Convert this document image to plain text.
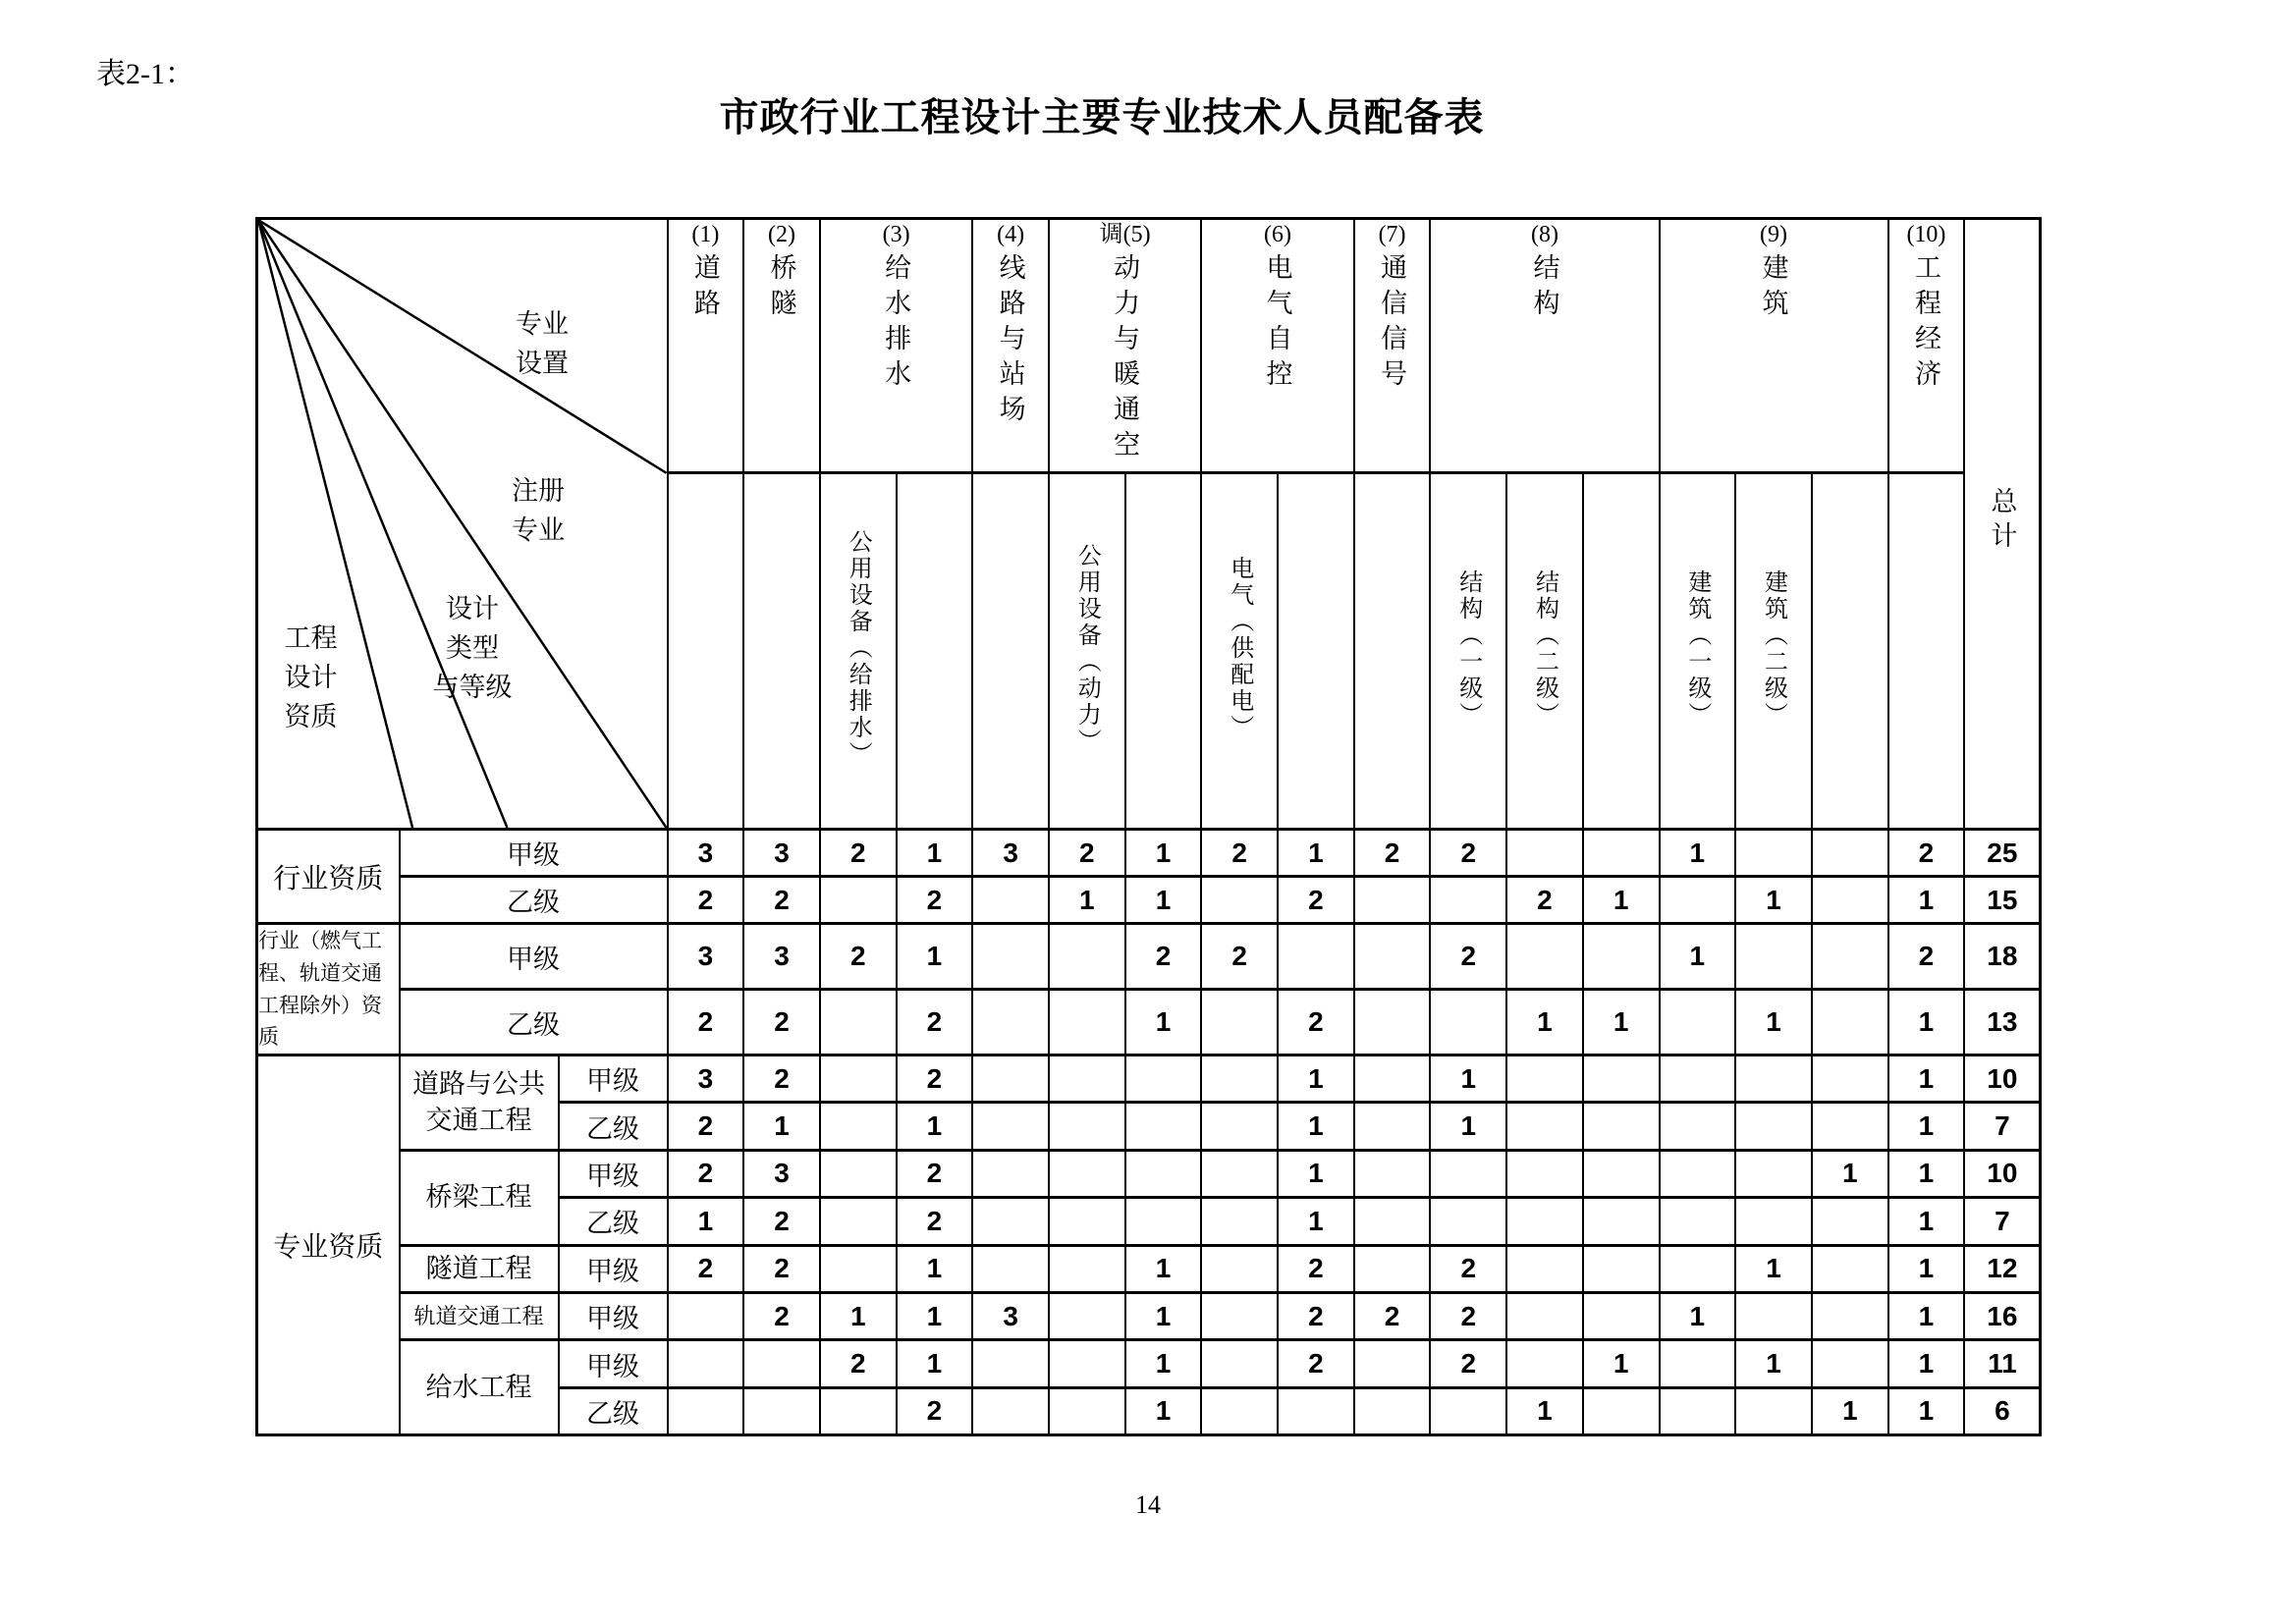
表2-1：
市政行业工程设计主要专业技术人员配备表
专业
设置
注册
专业
设计
类型
与等级
工程
设计
资质

(1)
道路	
(2)
桥隧	
(3)
给水排水	
(4)
线路与站场	
调(5)
动力与暖通空	
(6)
电气自控	
(7)
通信信号	
(8)
结构	
(9)
建筑	
(10)
工程经济	总计
					公用设备（给排水）			公用设备（动力）		电气（供配电）			结构（一级）	结构（二级）		建筑（一级）	建筑（二级）			
行业资质	甲级		3	3	2	1	3	2	1	2	1	2	2			1			2	25
	乙级		2	2		2		1	1		2			2	1		1		1	15
行业（燃气工程、轨道交通工程除外）资质	甲级		3	3	2	1			2	2			2			1			2	18
	乙级		2	2		2			1		2			1	1		1		1	13
专业资质	道路与公共交通工程	甲级	3	2		2					1		1						1	10
		乙级	2	1		1					1		1						1	7
	桥梁工程	甲级	2	3		2					1							1	1	10
		乙级	1	2		2					1								1	7
	隧道工程	甲级	2	2		1			1		2		2				1		1	12
	轨道交通工程	甲级		2	1	1	3		1		2	2	2			1			1	16
	给水工程	甲级			2	1			1		2		2		1		1		1	11
		乙级				2			1					1				1	1	6
14
